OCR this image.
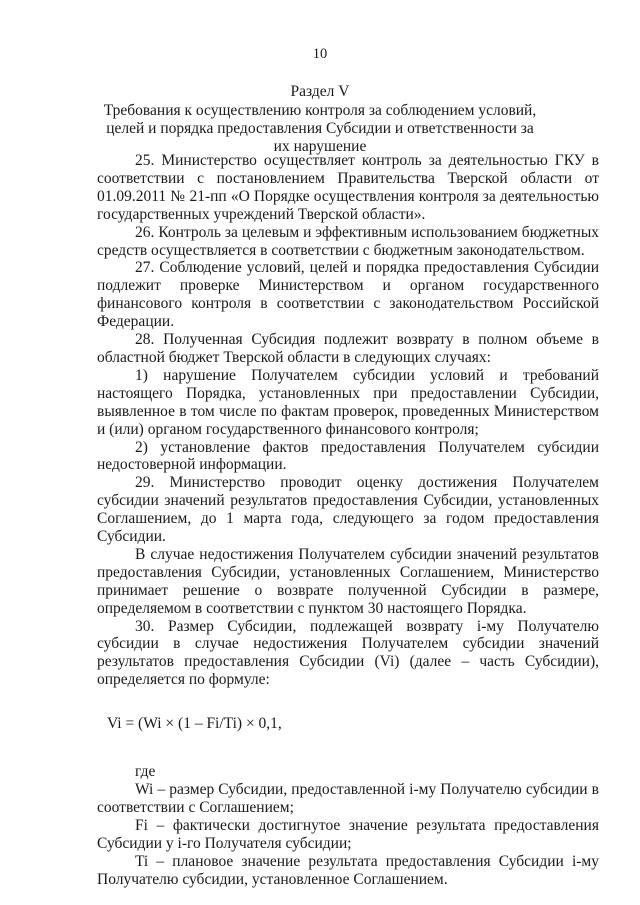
10
Раздел V
Требования к осуществлению контроля за соблюдением условий, целей и порядка предоставления Субсидии и ответственности за их нарушение

25. Министерство осуществляет контроль за деятельностью ГКУ в соответствии с постановлением Правительства Тверской области от 01.09.2011 № 21-пп «О Порядке осуществления контроля за деятельностью государственных учреждений Тверской области».

26. Контроль за целевым и эффективным использованием бюджетных средств осуществляется в соответствии с бюджетным законодательством.

27. Соблюдение условий, целей и порядка предоставления Субсидии подлежит проверке Министерством и органом государственного финансового контроля в соответствии с законодательством Российской Федерации.

28. Полученная Субсидия подлежит возврату в полном объеме в областной бюджет Тверской области в следующих случаях:

1) нарушение Получателем субсидии условий и требований настоящего Порядка, установленных при предоставлении Субсидии, выявленное в том числе по фактам проверок, проведенных Министерством и (или) органом государственного финансового контроля;

2) установление фактов предоставления Получателем субсидии недостоверной информации.

29. Министерство проводит оценку достижения Получателем субсидии значений результатов предоставления Субсидии, установленных Соглашением, до 1 марта года, следующего за годом предоставления Субсидии.

В случае недостижения Получателем субсидии значений результатов предоставления Субсидии, установленных Соглашением, Министерство принимает решение о возврате полученной Субсидии в размере, определяемом в соответствии с пунктом 30 настоящего Порядка.

30. Размер Субсидии, подлежащей возврату i-му Получателю субсидии в случае недостижения Получателем субсидии значений результатов предоставления Субсидии (Vi) (далее – часть Субсидии), определяется по формуле:

Vi = (Wi × (1 – Fi/Ti) × 0,1,

где

Wi – размер Субсидии, предоставленной i-му Получателю субсидии в соответствии с Соглашением;

Fi – фактически достигнутое значение результата предоставления Субсидии у i-го Получателя субсидии;

Ti – плановое значение результата предоставления Субсидии i-му Получателю субсидии, установленное Соглашением.
